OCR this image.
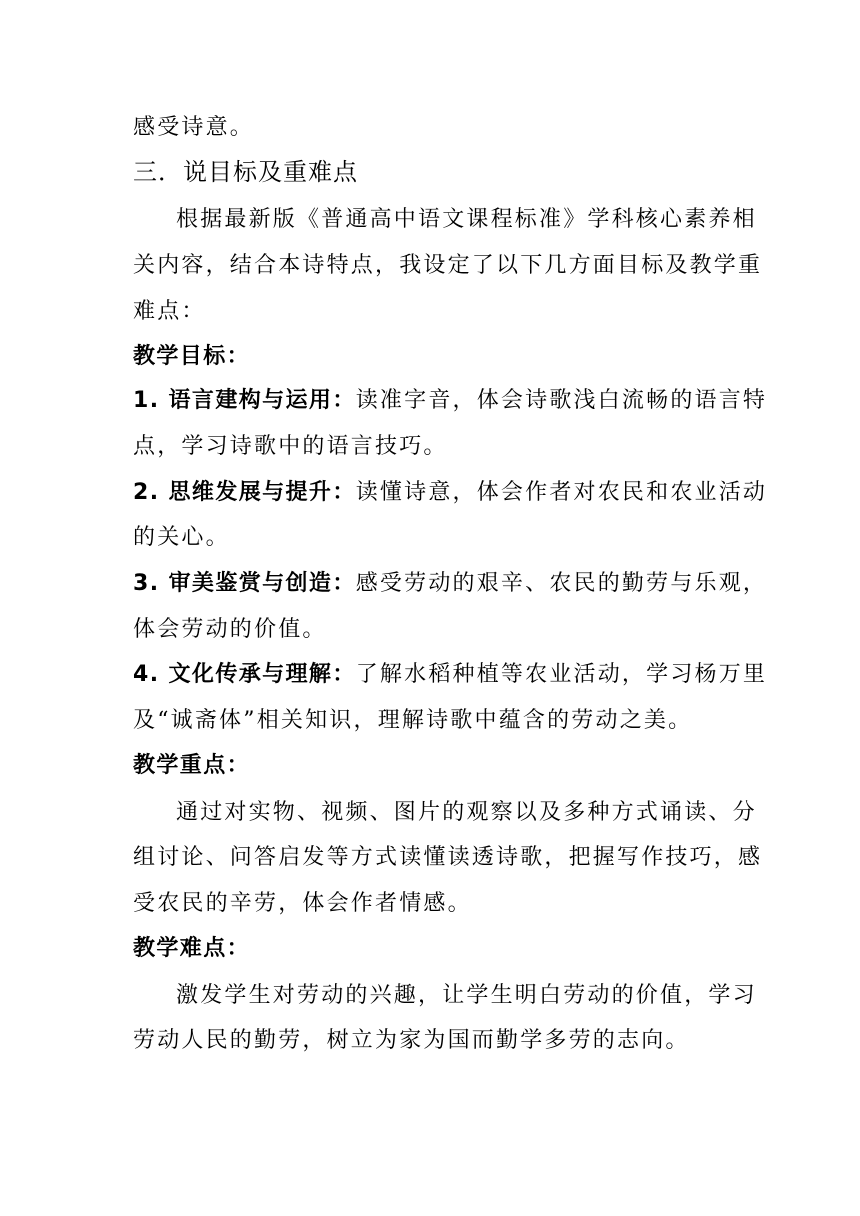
感受诗意。
三．说目标及重难点
根据最新版《普通高中语文课程标准》学科核心素养相
关内容，结合本诗特点，我设定了以下几方面目标及教学重
难点：
教学目标：
1. 语言建构与运用：读准字音，体会诗歌浅白流畅的语言特
点，学习诗歌中的语言技巧。
2. 思维发展与提升：读懂诗意，体会作者对农民和农业活动
的关心。
3. 审美鉴赏与创造：感受劳动的艰辛、农民的勤劳与乐观，
体会劳动的价值。
4. 文化传承与理解：了解水稻种植等农业活动，学习杨万里
及“诚斋体”相关知识，理解诗歌中蕴含的劳动之美。
教学重点：
通过对实物、视频、图片的观察以及多种方式诵读、分
组讨论、问答启发等方式读懂读透诗歌，把握写作技巧，感
受农民的辛劳，体会作者情感。
教学难点：
激发学生对劳动的兴趣，让学生明白劳动的价值，学习
劳动人民的勤劳，树立为家为国而勤学多劳的志向。
